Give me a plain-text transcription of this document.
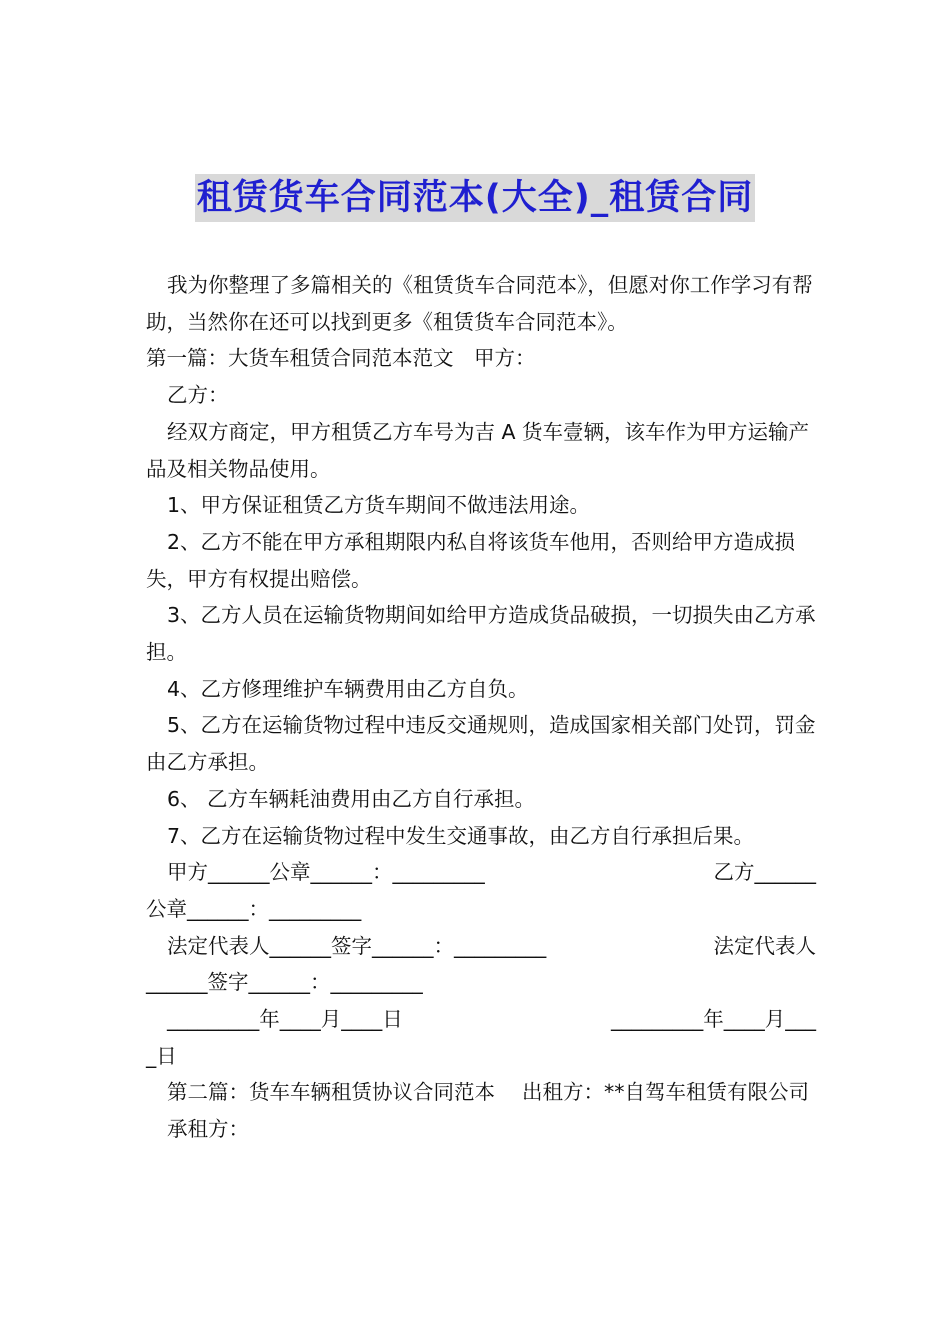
租赁货车合同范本(大全)_租赁合同

我为你整理了多篇相关的《租赁货车合同范本》，但愿对你工作学习有帮助，当然你在还可以找到更多《租赁货车合同范本》。

第一篇：大货车租赁合同范本范文　甲方：

乙方：

经双方商定，甲方租赁乙方车号为吉 A 货车壹辆，该车作为甲方运输产品及相关物品使用。

1、甲方保证租赁乙方货车期间不做违法用途。

2、乙方不能在甲方承租期限内私自将该货车他用，否则给甲方造成损失，甲方有权提出赔偿。

3、乙方人员在运输货物期间如给甲方造成货品破损，一切损失由乙方承担。

4、乙方修理维护车辆费用由乙方自负。

5、乙方在运输货物过程中违反交通规则，造成国家相关部门处罚，罚金由乙方承担。

6、 乙方车辆耗油费用由乙方自行承担。

7、乙方在运输货物过程中发生交通事故，由乙方自行承担后果。

甲方______公章______：_________	乙方______

公章______：_________

法定代表人______签字______：_________	法定代表人

______签字______：_________

_________年____月____日	_________年____月___

_日

第二篇：货车车辆租赁协议合同范本　 出租方：**自驾车租赁有限公司

承租方：
